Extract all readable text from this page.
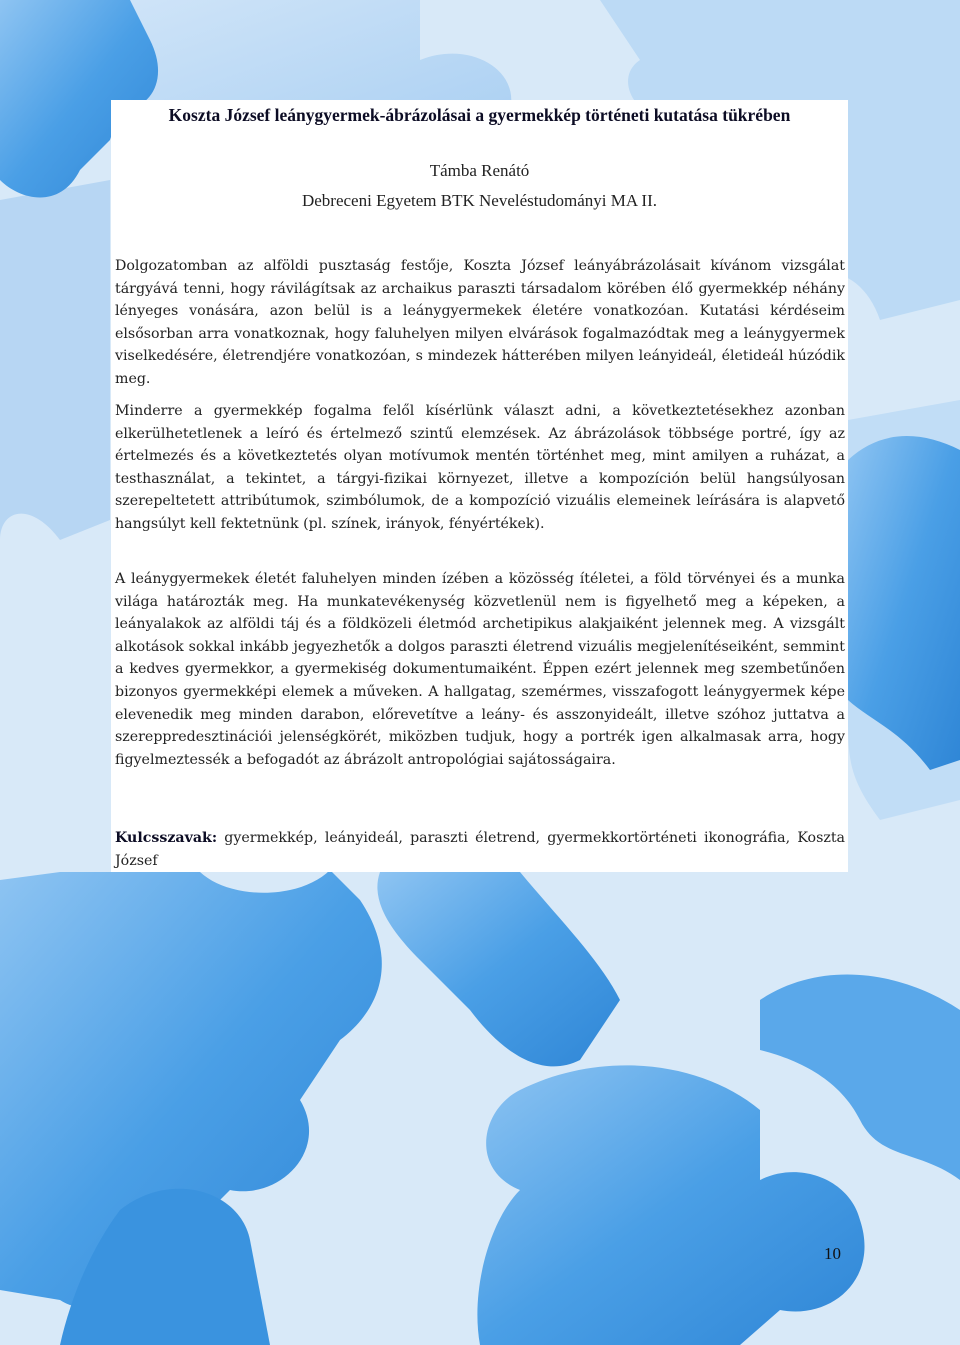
Koszta József leánygyermek-ábrázolásai a gyermekkép történeti kutatása tükrében
Támba Renátó
Debreceni Egyetem BTK Neveléstudományi MA II.

Dolgozatomban az alföldi pusztaság festője, Koszta József leányábrázolásait kívánom vizsgálat tárgyává tenni, hogy rávilágítsak az archaikus paraszti társadalom körében élő gyermekkép néhány lényeges vonására, azon belül is a leánygyermekek életére vonatkozóan. Kutatási kérdéseim elsősorban arra vonatkoznak, hogy faluhelyen milyen elvárások fogalmazódtak meg a leánygyermek viselkedésére, életrendjére vonatkozóan, s mindezek hátterében milyen leányideál, életideál húzódik meg.

Minderre a gyermekkép fogalma felől kísérlünk választ adni, a következtetésekhez azonban elkerülhetetlenek a leíró és értelmező szintű elemzések. Az ábrázolások többsége portré, így az értelmezés és a következtetés olyan motívumok mentén történhet meg, mint amilyen a ruházat, a testhasználat, a tekintet, a tárgyi-fizikai környezet, illetve a kompozíción belül hangsúlyosan szerepeltetett attribútumok, szimbólumok, de a kompozíció vizuális elemeinek leírására is alapvető hangsúlyt kell fektetnünk (pl. színek, irányok, fényértékek).

A leánygyermekek életét faluhelyen minden ízében a közösség ítéletei, a föld törvényei és a munka világa határozták meg. Ha munkatevékenység közvetlenül nem is figyelhető meg a képeken, a leányalakok az alföldi táj és a földközeli életmód archetipikus alakjaiként jelennek meg. A vizsgált alkotások sokkal inkább jegyezhetők a dolgos paraszti életrend vizuális megjelenítéseiként, semmint a kedves gyermekkor, a gyermekiség dokumentumaiként. Éppen ezért jelennek meg szembetűnően bizonyos gyermekképi elemek a műveken. A hallgatag, szemérmes, visszafogott leánygyermek képe elevenedik meg minden darabon, előrevetítve a leány- és asszonyideált, illetve szóhoz juttatva a szereppredesztinációi jelenségkörét, miközben tudjuk, hogy a portrék igen alkalmasak arra, hogy figyelmeztessék a befogadót az ábrázolt antropológiai sajátosságaira.

Kulcsszavak: gyermekkép, leányideál, paraszti életrend, gyermekkortörténeti ikonográfia, Koszta József

10
